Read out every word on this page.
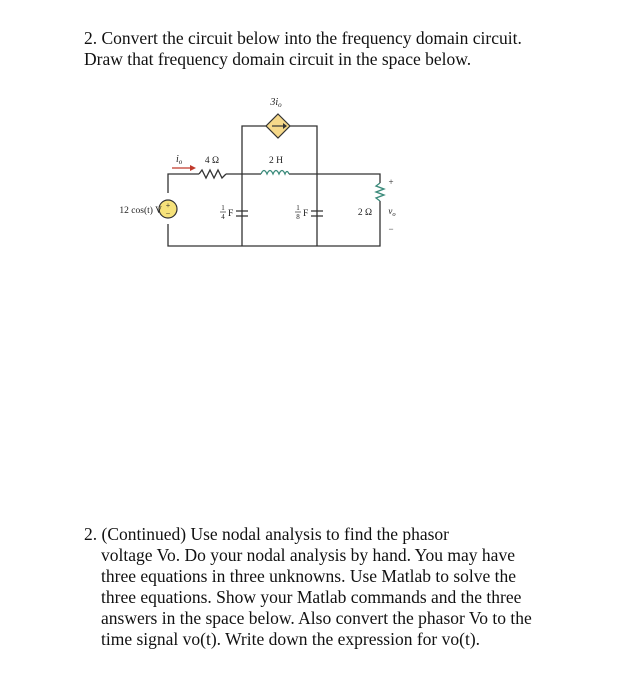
2. Convert the circuit below into the frequency domain circuit. Draw that frequency domain circuit in the space below.
+
−
12 cos(t) V
$i_o$ 4 Ω	2 H
$3i_o$
1
4 F
1
8 F	2 Ω
+
$v_o$
−
2. (Continued) Use nodal analysis to find the phasor
voltage Vo. Do your nodal analysis by hand. You may have three equations in three unknowns. Use Matlab to solve the three equations. Show your Matlab commands and the three answers in the space below. Also convert the phasor Vo to the time signal vo(t). Write down the expression for vo(t).
